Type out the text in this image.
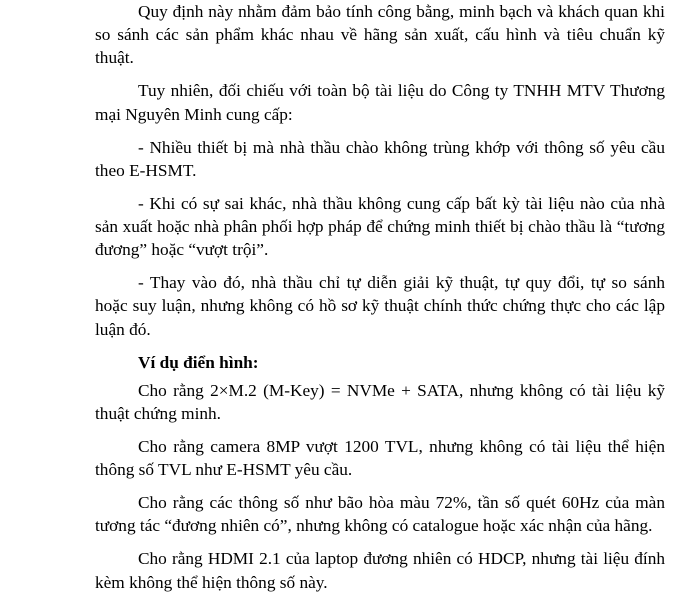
Quy định này nhằm đảm bảo tính công bằng, minh bạch và khách quan khi so sánh các sản phẩm khác nhau về hãng sản xuất, cấu hình và tiêu chuẩn kỹ thuật.

Tuy nhiên, đối chiếu với toàn bộ tài liệu do Công ty TNHH MTV Thương mại Nguyên Minh cung cấp:

- Nhiều thiết bị mà nhà thầu chào không trùng khớp với thông số yêu cầu theo E-HSMT.

- Khi có sự sai khác, nhà thầu không cung cấp bất kỳ tài liệu nào của nhà sản xuất hoặc nhà phân phối hợp pháp để chứng minh thiết bị chào thầu là “tương đương” hoặc “vượt trội”.

- Thay vào đó, nhà thầu chỉ tự diễn giải kỹ thuật, tự quy đổi, tự so sánh hoặc suy luận, nhưng không có hồ sơ kỹ thuật chính thức chứng thực cho các lập luận đó.

Ví dụ điển hình:

Cho rằng 2×M.2 (M-Key) = NVMe + SATA, nhưng không có tài liệu kỹ thuật chứng minh.

Cho rằng camera 8MP vượt 1200 TVL, nhưng không có tài liệu thể hiện thông số TVL như E-HSMT yêu cầu.

Cho rằng các thông số như bão hòa màu 72%, tần số quét 60Hz của màn tương tác “đương nhiên có”, nhưng không có catalogue hoặc xác nhận của hãng.

Cho rằng HDMI 2.1 của laptop đương nhiên có HDCP, nhưng tài liệu đính kèm không thể hiện thông số này.
